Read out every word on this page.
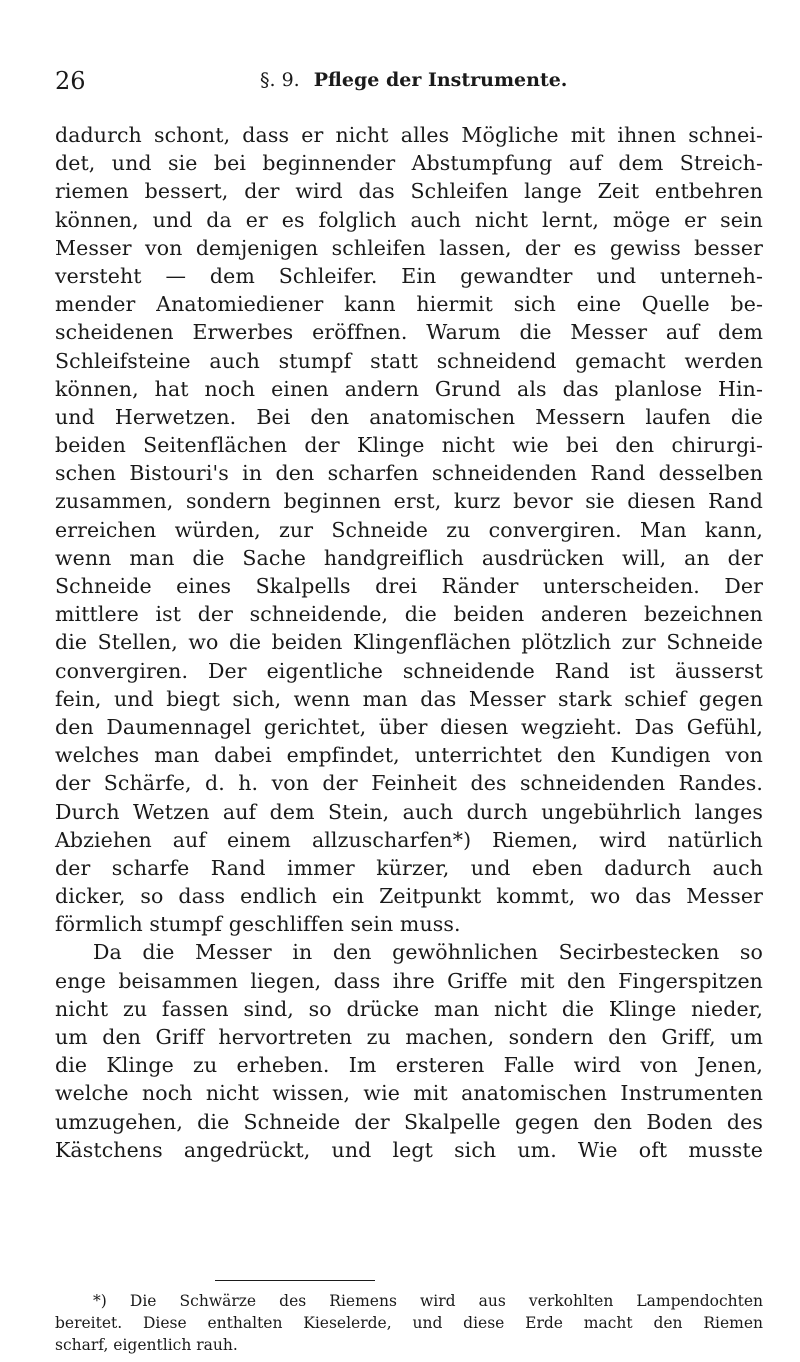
26	§. 9. Pflege der Instrumente.
dadurch schont, dass er nicht alles Mögliche mit ihnen schnei-
det, und sie bei beginnender Abstumpfung auf dem Streich-
riemen bessert, der wird das Schleifen lange Zeit entbehren
können, und da er es folglich auch nicht lernt, möge er sein
Messer von demjenigen schleifen lassen, der es gewiss besser
versteht — dem Schleifer. Ein gewandter und unterneh-
mender Anatomiediener kann hiermit sich eine Quelle be-
scheidenen Erwerbes eröffnen. Warum die Messer auf dem
Schleifsteine auch stumpf statt schneidend gemacht werden
können, hat noch einen andern Grund als das planlose Hin-
und Herwetzen. Bei den anatomischen Messern laufen die
beiden Seitenflächen der Klinge nicht wie bei den chirurgi-
schen Bistouri's in den scharfen schneidenden Rand desselben
zusammen, sondern beginnen erst, kurz bevor sie diesen Rand
erreichen würden, zur Schneide zu convergiren. Man kann,
wenn man die Sache handgreiflich ausdrücken will, an der
Schneide eines Skalpells drei Ränder unterscheiden. Der
mittlere ist der schneidende, die beiden anderen bezeichnen
die Stellen, wo die beiden Klingenflächen plötzlich zur Schneide
convergiren. Der eigentliche schneidende Rand ist äusserst
fein, und biegt sich, wenn man das Messer stark schief gegen
den Daumennagel gerichtet, über diesen wegzieht. Das Gefühl,
welches man dabei empfindet, unterrichtet den Kundigen von
der Schärfe, d. h. von der Feinheit des schneidenden Randes.
Durch Wetzen auf dem Stein, auch durch ungebührlich langes
Abziehen auf einem allzuscharfen*) Riemen, wird natürlich
der scharfe Rand immer kürzer, und eben dadurch auch
dicker, so dass endlich ein Zeitpunkt kommt, wo das Messer
förmlich stumpf geschliffen sein muss.
Da die Messer in den gewöhnlichen Secirbestecken so
enge beisammen liegen, dass ihre Griffe mit den Fingerspitzen
nicht zu fassen sind, so drücke man nicht die Klinge nieder,
um den Griff hervortreten zu machen, sondern den Griff, um
die Klinge zu erheben. Im ersteren Falle wird von Jenen,
welche noch nicht wissen, wie mit anatomischen Instrumenten
umzugehen, die Schneide der Skalpelle gegen den Boden des
Kästchens angedrückt, und legt sich um. Wie oft musste
*) Die Schwärze des Riemens wird aus verkohlten Lampendochten
bereitet. Diese enthalten Kieselerde, und diese Erde macht den Riemen
scharf, eigentlich rauh.
